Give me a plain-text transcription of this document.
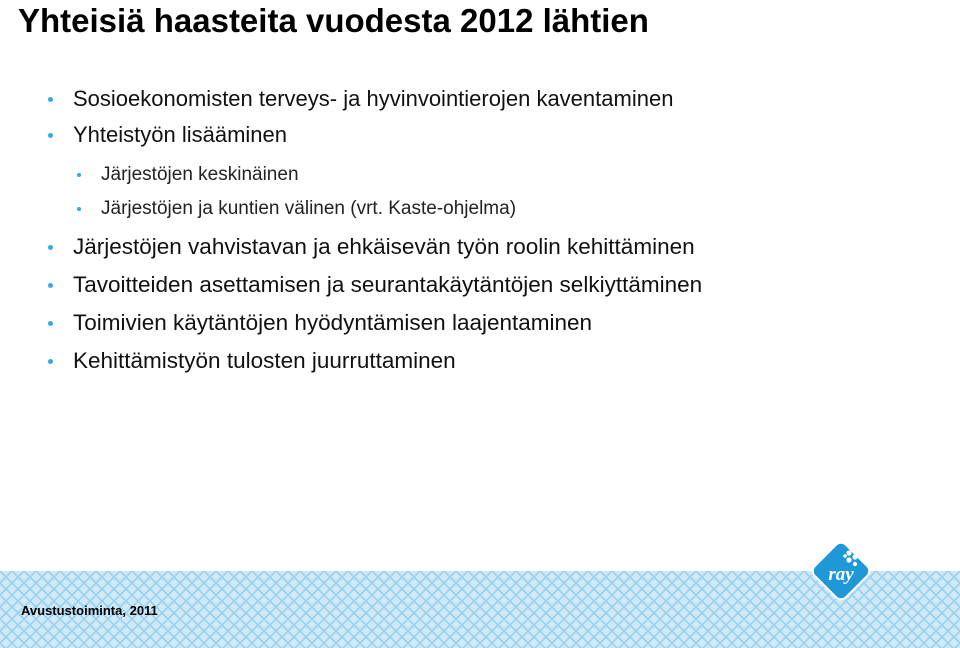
Yhteisiä haasteita vuodesta 2012 lähtien
Sosioekonomisten terveys- ja hyvinvointierojen kaventaminen
Yhteistyön lisääminen
Järjestöjen keskinäinen
Järjestöjen ja kuntien välinen (vrt. Kaste-ohjelma)
Järjestöjen vahvistavan ja ehkäisevän työn roolin kehittäminen
Tavoitteiden asettamisen ja seurantakäytäntöjen selkiyttäminen
Toimivien käytäntöjen hyödyntämisen laajentaminen
Kehittämistyön tulosten juurruttaminen
Avustustoiminta, 2011
ray
